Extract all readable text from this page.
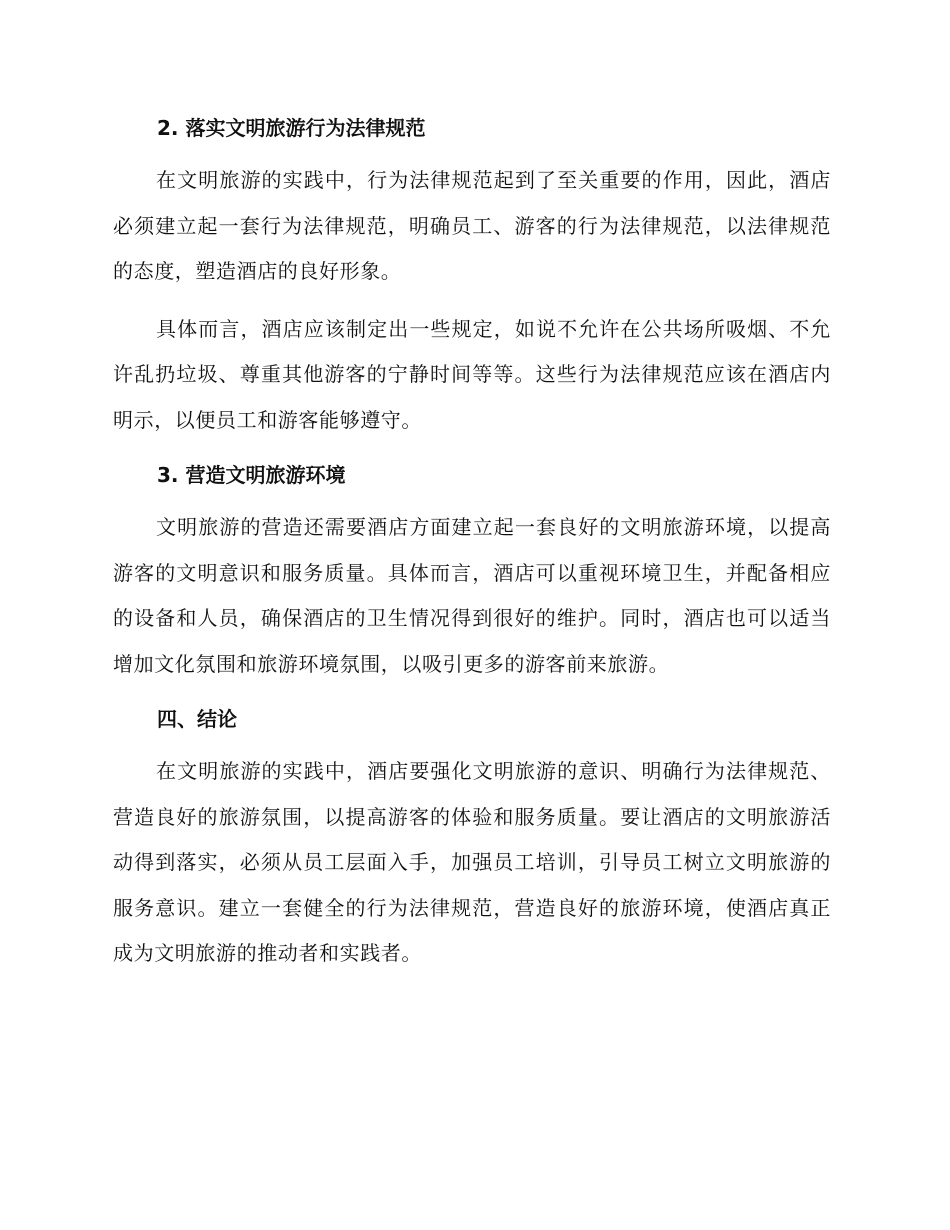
2. 落实文明旅游行为法律规范

在文明旅游的实践中，行为法律规范起到了至关重要的作用，因此，酒店必须建立起一套行为法律规范，明确员工、游客的行为法律规范，以法律规范的态度，塑造酒店的良好形象。

具体而言，酒店应该制定出一些规定，如说不允许在公共场所吸烟、不允许乱扔垃圾、尊重其他游客的宁静时间等等。这些行为法律规范应该在酒店内明示，以便员工和游客能够遵守。

3. 营造文明旅游环境

文明旅游的营造还需要酒店方面建立起一套良好的文明旅游环境，以提高游客的文明意识和服务质量。具体而言，酒店可以重视环境卫生，并配备相应的设备和人员，确保酒店的卫生情况得到很好的维护。同时，酒店也可以适当增加文化氛围和旅游环境氛围，以吸引更多的游客前来旅游。

四、结论

在文明旅游的实践中，酒店要强化文明旅游的意识、明确行为法律规范、营造良好的旅游氛围，以提高游客的体验和服务质量。要让酒店的文明旅游活动得到落实，必须从员工层面入手，加强员工培训，引导员工树立文明旅游的服务意识。建立一套健全的行为法律规范，营造良好的旅游环境，使酒店真正成为文明旅游的推动者和实践者。
